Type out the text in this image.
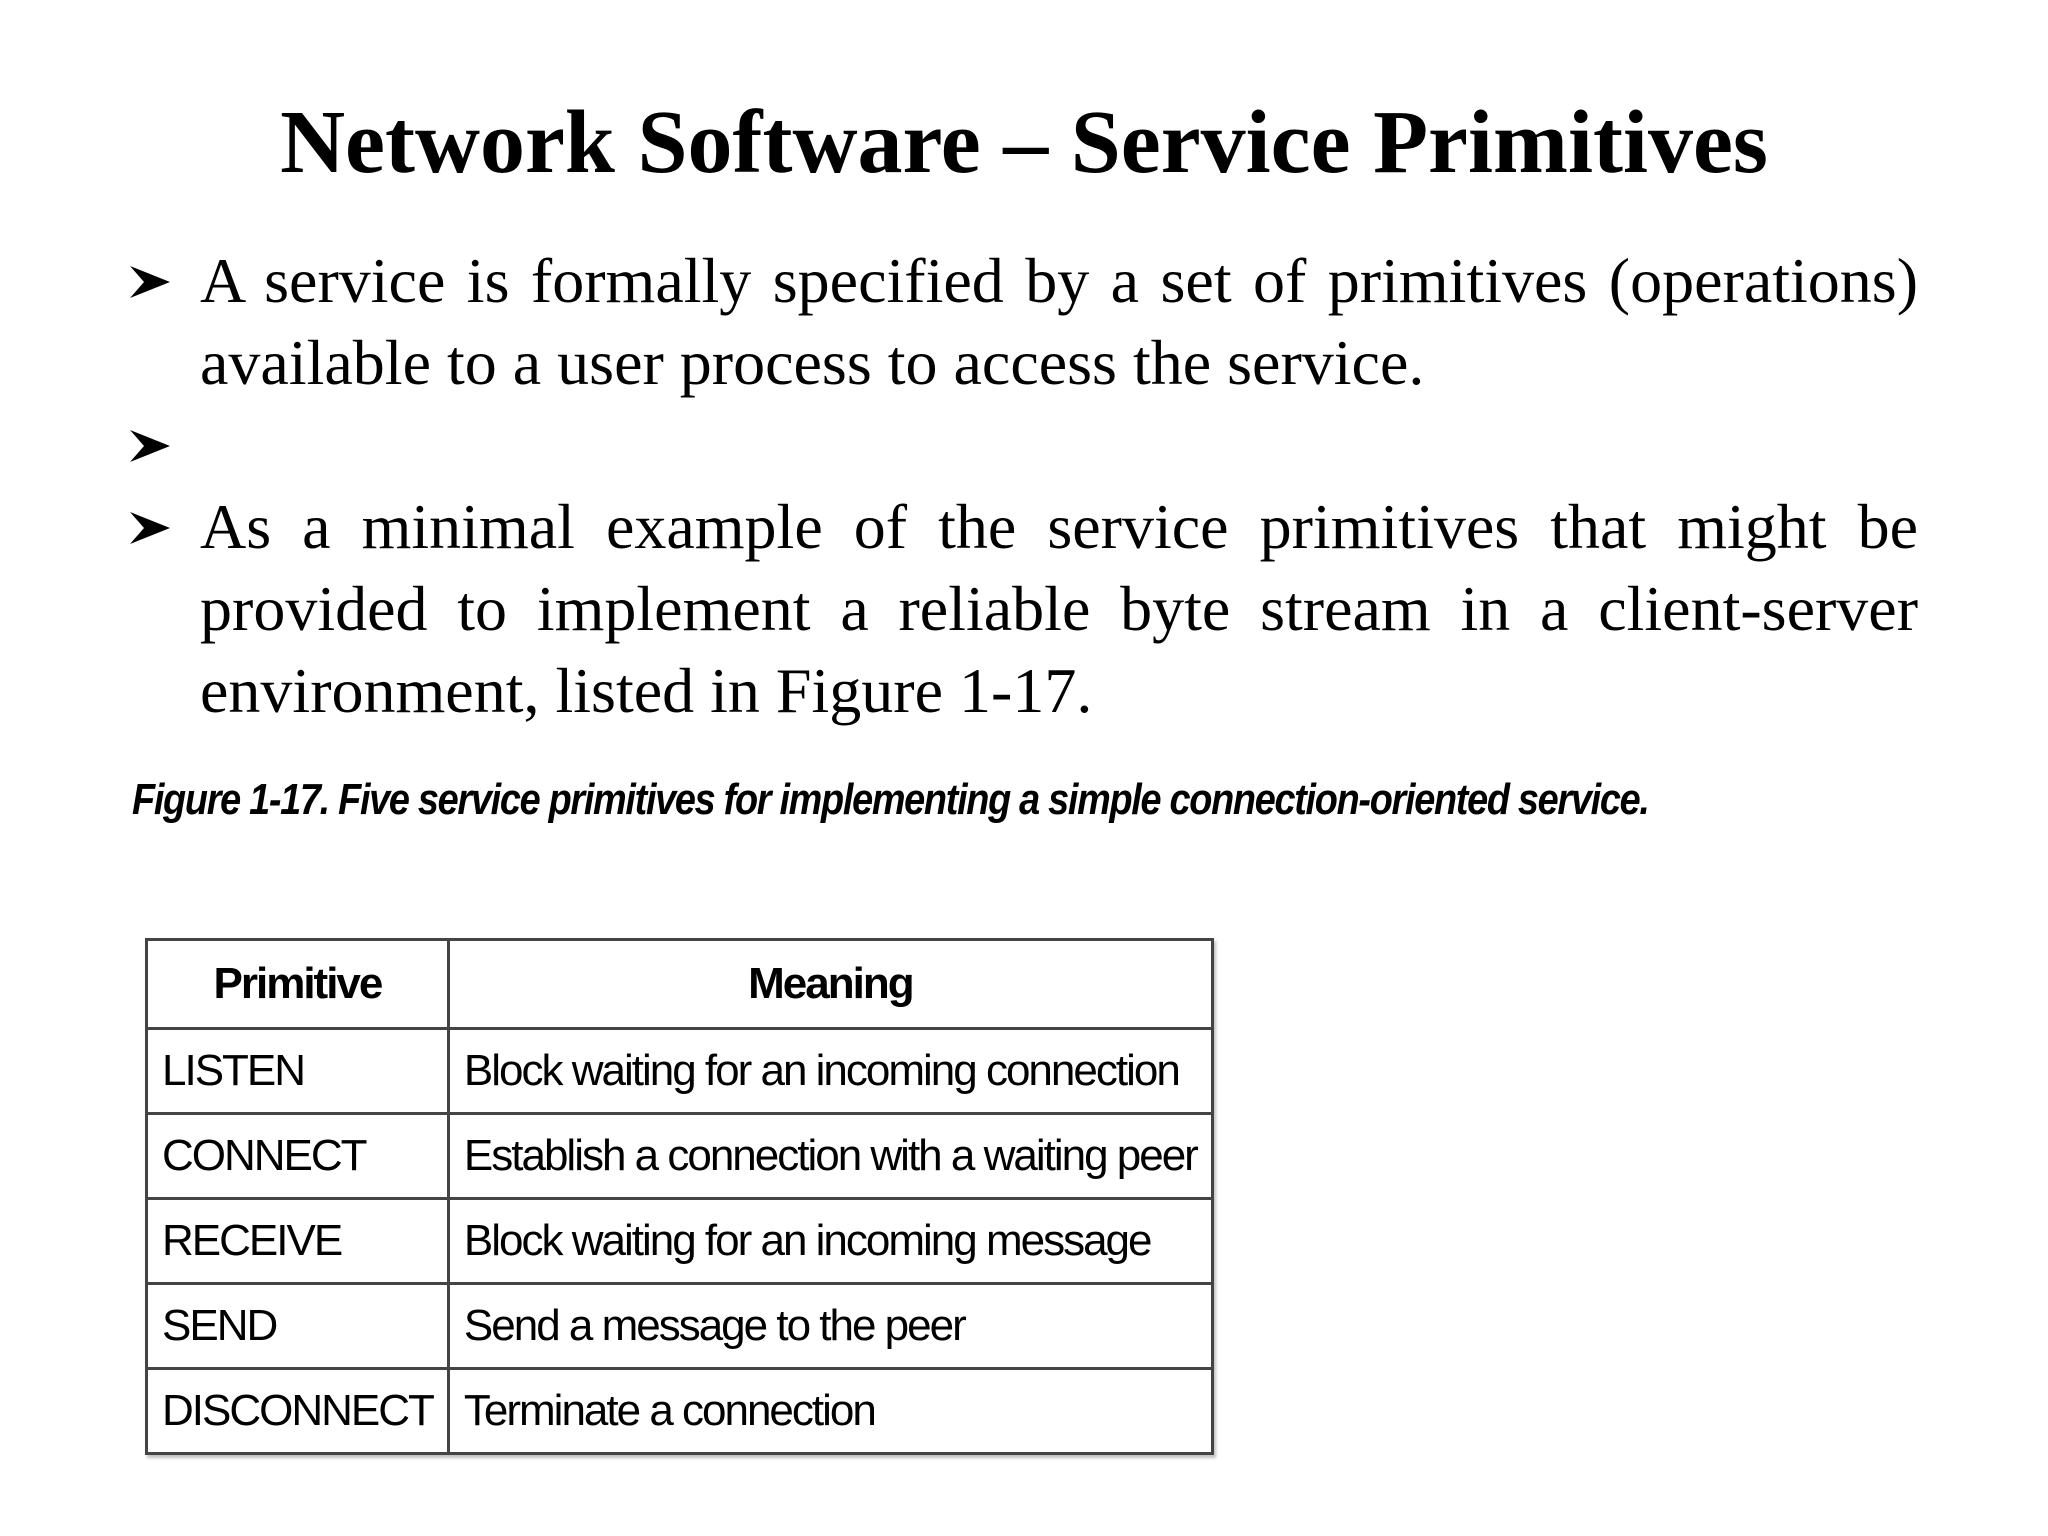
Network Software – Service Primitives
A service is formally specified by a set of primitives (operations) available to a user process to access the service.
As a minimal example of the service primitives that might be provided to implement a reliable byte stream in a client-server environment, listed in Figure 1-17.
Figure 1-17. Five service primitives for implementing a simple connection-oriented service.
Primitive	Meaning
LISTEN	Block waiting for an incoming connection
CONNECT	Establish a connection with a waiting peer
RECEIVE	Block waiting for an incoming message
SEND	Send a message to the peer
DISCONNECT	Terminate a connection
